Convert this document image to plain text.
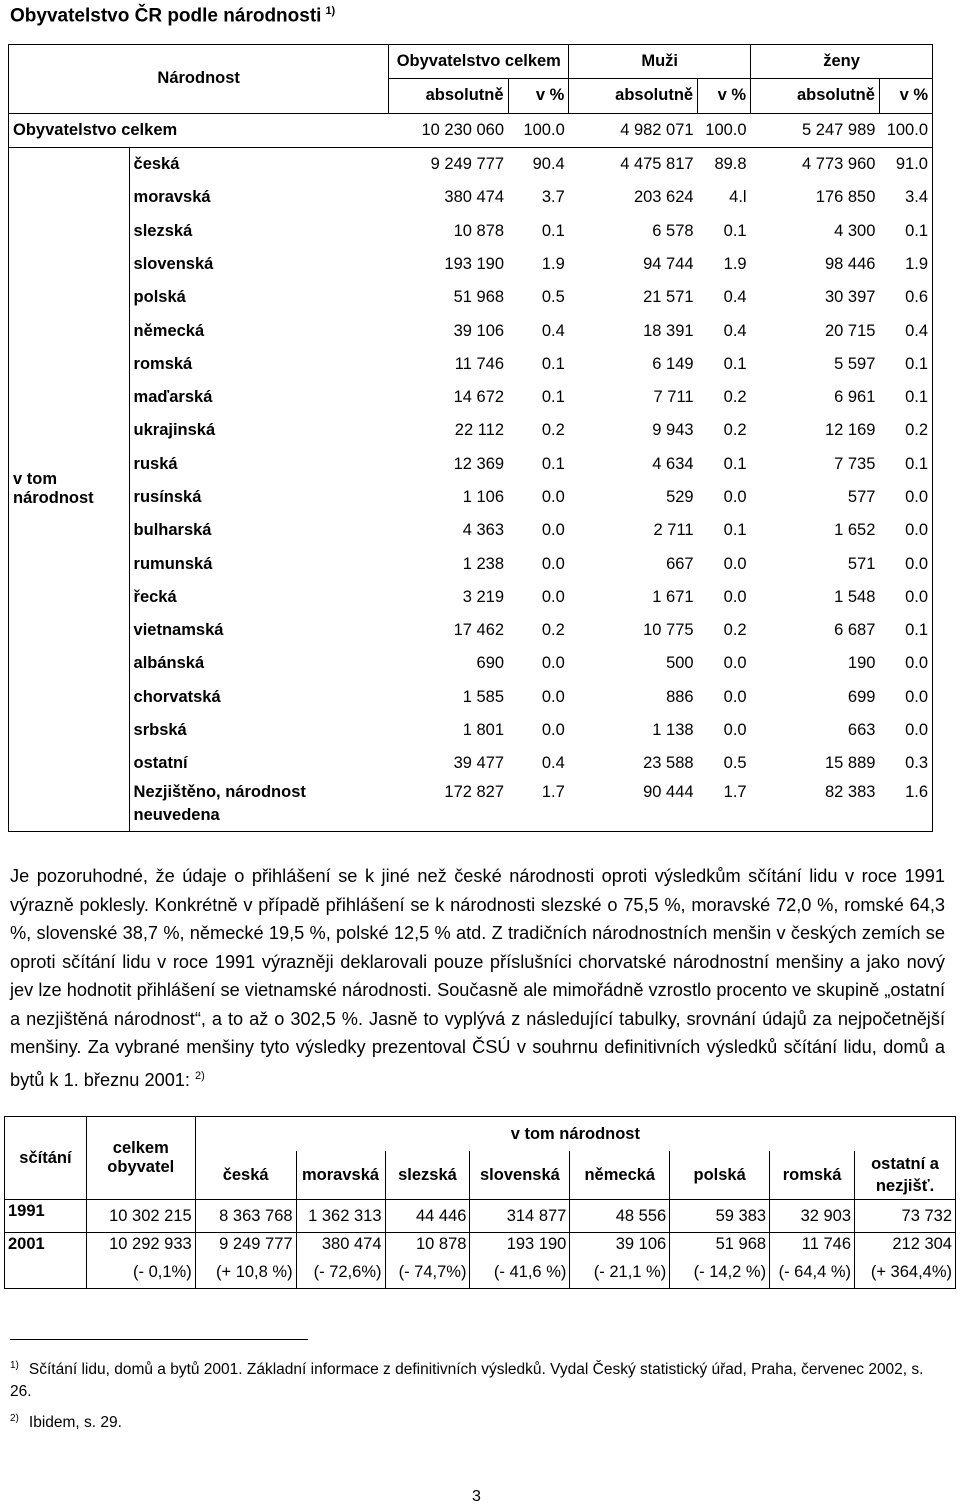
Obyvatelstvo ČR podle národnosti $^{1)}$
Národnost		Obyvatelstvo celkem		Muži		ženy	
		absolutně	v %	absolutně	v %	absolutně	v %
Obyvatelstvo celkem		10 230 060	100.0	4 982 071	100.0	5 247 989	100.0
v tom národnost	česká	9 249 777	90.4	4 475 817	89.8	4 773 960	91.0
	moravská	380 474	3.7	203 624	4.l	176 850	3.4
	slezská	10 878	0.1	6 578	0.1	4 300	0.1
	slovenská	193 190	1.9	94 744	1.9	98 446	1.9
	polská	51 968	0.5	21 571	0.4	30 397	0.6
	německá	39 106	0.4	18 391	0.4	20 715	0.4
	romská	11 746	0.1	6 149	0.1	5 597	0.1
	maďarská	14 672	0.1	7 711	0.2	6 961	0.1
	ukrajinská	22 112	0.2	9 943	0.2	12 169	0.2
	ruská	12 369	0.1	4 634	0.1	7 735	0.1
	rusínská	1 106	0.0	529	0.0	577	0.0
	bulharská	4 363	0.0	2 711	0.1	1 652	0.0
	rumunská	1 238	0.0	667	0.0	571	0.0
	řecká	3 219	0.0	1 671	0.0	1 548	0.0
	vietnamská	17 462	0.2	10 775	0.2	6 687	0.1
	albánská	690	0.0	500	0.0	190	0.0
	chorvatská	1 585	0.0	886	0.0	699	0.0
	srbská	1 801	0.0	1 138	0.0	663	0.0
	ostatní	39 477	0.4	23 588	0.5	15 889	0.3
	Nezjištěno, národnost neuvedena	172 827	1.7	90 444	1.7	82 383	1.6
Je pozoruhodné, že údaje o přihlášení se k jiné než české národnosti oproti výsledkům sčítání lidu v roce 1991 výrazně poklesly. Konkrétně v případě přihlášení se k národnosti slezské o 75,5 %, moravské 72,0 %, romské 64,3 %, slovenské 38,7 %, německé 19,5 %, polské 12,5 % atd. Z tradičních národnostních menšin v českých zemích se oproti sčítání lidu v roce 1991 výrazněji deklarovali pouze příslušníci chorvatské národnostní menšiny a jako nový jev lze hodnotit přihlášení se vietnamské národnosti. Současně ale mimořádně vzrostlo procento ve skupině „ostatní a nezjištěná národnost“, a to až o 302,5 %. Jasně to vyplývá z následující tabulky, srovnání údajů za nejpočetnější menšiny. Za vybrané menšiny tyto výsledky prezentoval ČSÚ v souhrnu definitivních výsledků sčítání lidu, domů a bytů k 1. březnu 2001: $^{2)}$
sčítání	celkem obyvatel	v tom národnost							
		česká	moravská	slezská	slovenská	německá	polská	romská	ostatní a nezjišť.
1991	10 302 215	8 363 768	1 362 313	44 446	314 877	48 556	59 383	32 903	73 732
2001	10 292 933	9 249 777	380 474	10 878	193 190	39 106	51 968	11 746	212 304
	(- 0,1%)	(+ 10,8 %)	(- 72,6%)	(- 74,7%)	(- 41,6 %)	(- 21,1 %)	(- 14,2 %)	(- 64,4 %)	(+ 364,4%)
$^{1)}$ Sčítání lidu, domů a bytů 2001. Základní informace z definitivních výsledků. Vydal Český statistický úřad, Praha, červenec 2002, s. 26.
$^{2)}$ Ibidem, s. 29.
3
